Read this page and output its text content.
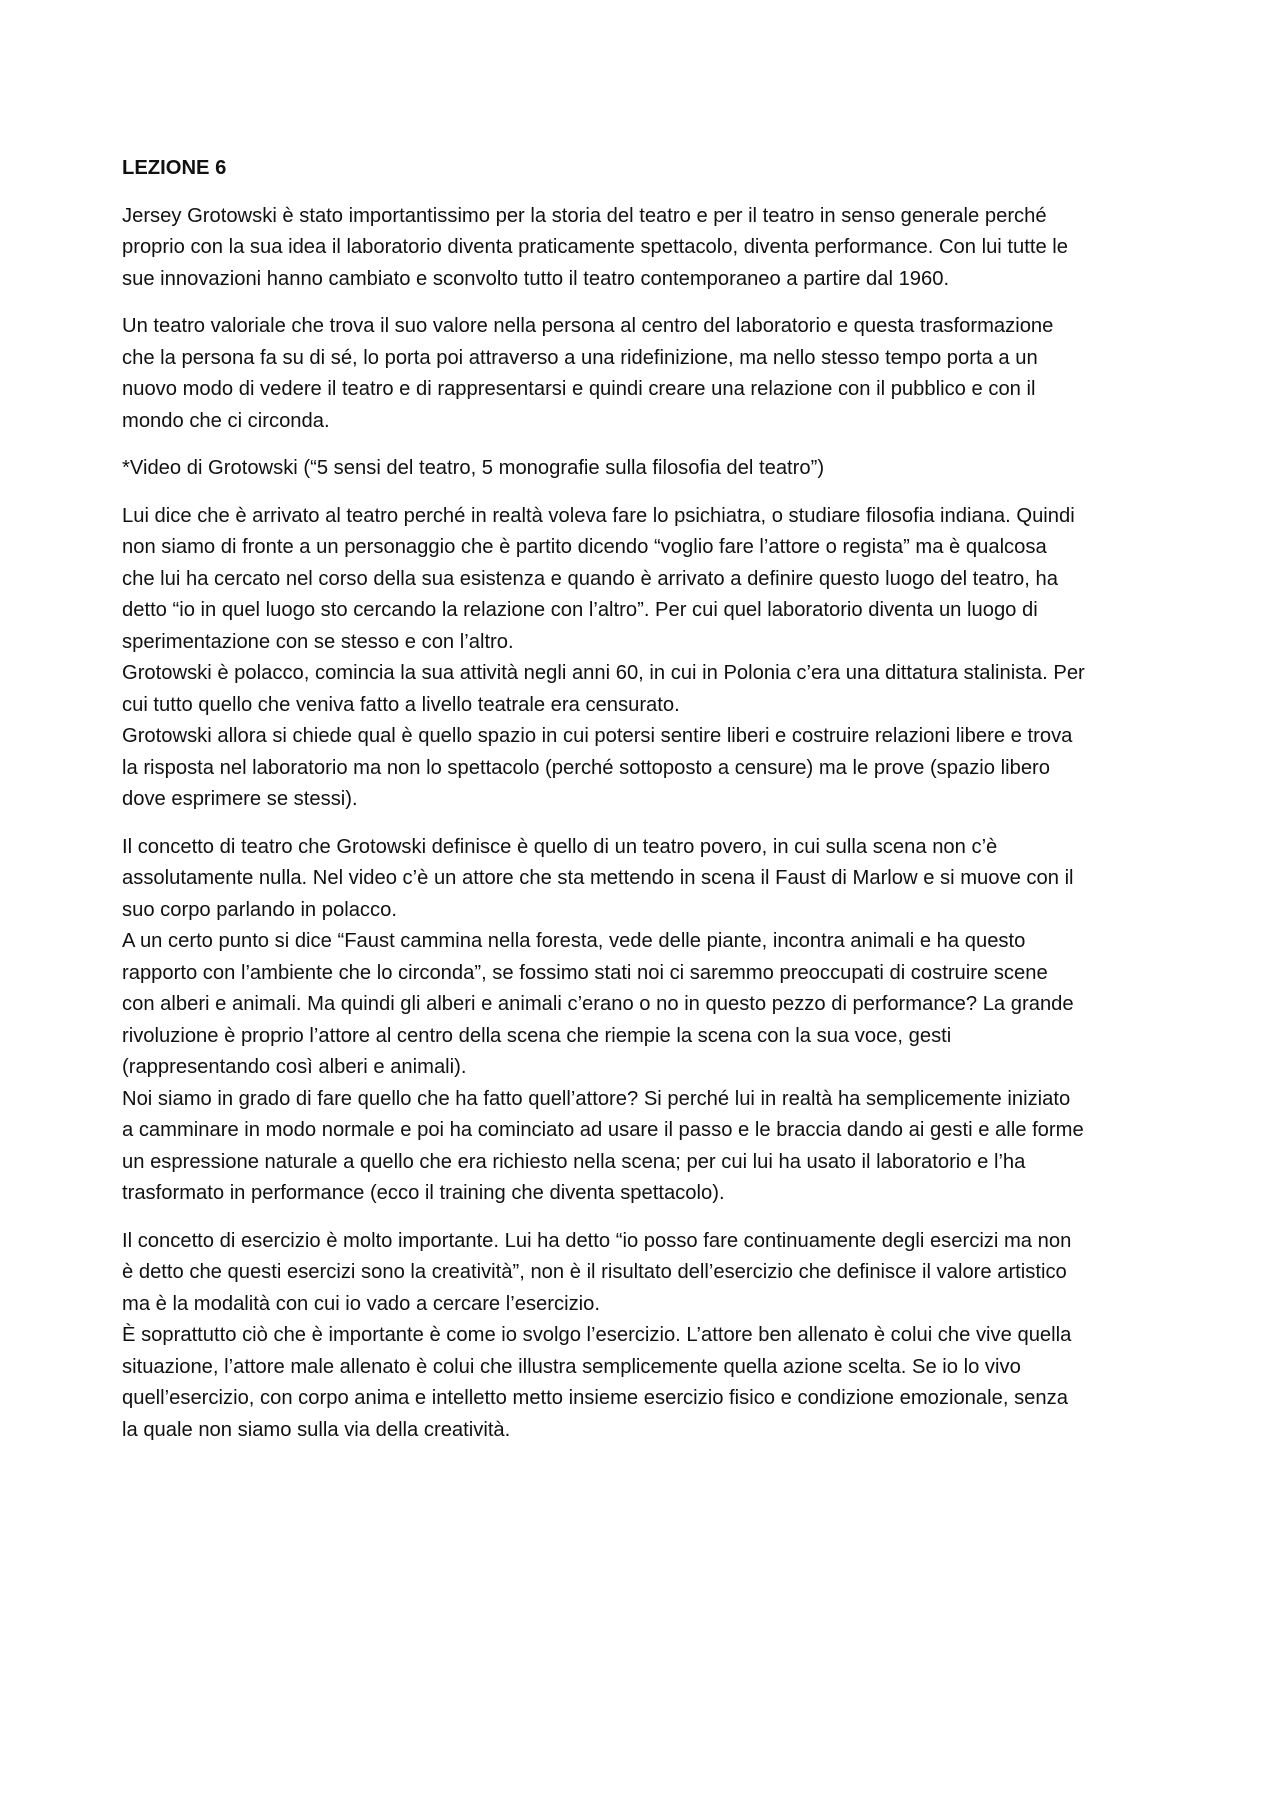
LEZIONE 6
Jersey Grotowski è stato importantissimo per la storia del teatro e per il teatro in senso generale perché
proprio con la sua idea il laboratorio diventa praticamente spettacolo, diventa performance. Con lui tutte le
sue innovazioni hanno cambiato e sconvolto tutto il teatro contemporaneo a partire dal 1960.
Un teatro valoriale che trova il suo valore nella persona al centro del laboratorio e questa trasformazione
che la persona fa su di sé, lo porta poi attraverso a una ridefinizione, ma nello stesso tempo porta a un
nuovo modo di vedere il teatro e di rappresentarsi e quindi creare una relazione con il pubblico e con il
mondo che ci circonda.
*Video di Grotowski (“5 sensi del teatro, 5 monografie sulla filosofia del teatro”)
Lui dice che è arrivato al teatro perché in realtà voleva fare lo psichiatra, o studiare filosofia indiana. Quindi
non siamo di fronte a un personaggio che è partito dicendo “voglio fare l’attore o regista” ma è qualcosa
che lui ha cercato nel corso della sua esistenza e quando è arrivato a definire questo luogo del teatro, ha
detto “io in quel luogo sto cercando la relazione con l’altro”. Per cui quel laboratorio diventa un luogo di
sperimentazione con se stesso e con l’altro.
Grotowski è polacco, comincia la sua attività negli anni 60, in cui in Polonia c’era una dittatura stalinista. Per
cui tutto quello che veniva fatto a livello teatrale era censurato.
Grotowski allora si chiede qual è quello spazio in cui potersi sentire liberi e costruire relazioni libere e trova
la risposta nel laboratorio ma non lo spettacolo (perché sottoposto a censure) ma le prove (spazio libero
dove esprimere se stessi).
Il concetto di teatro che Grotowski definisce è quello di un teatro povero, in cui sulla scena non c’è
assolutamente nulla. Nel video c’è un attore che sta mettendo in scena il Faust di Marlow e si muove con il
suo corpo parlando in polacco.
A un certo punto si dice “Faust cammina nella foresta, vede delle piante, incontra animali e ha questo
rapporto con l’ambiente che lo circonda”, se fossimo stati noi ci saremmo preoccupati di costruire scene
con alberi e animali. Ma quindi gli alberi e animali c’erano o no in questo pezzo di performance? La grande
rivoluzione è proprio l’attore al centro della scena che riempie la scena con la sua voce, gesti
(rappresentando così alberi e animali).
Noi siamo in grado di fare quello che ha fatto quell’attore? Si perché lui in realtà ha semplicemente iniziato
a camminare in modo normale e poi ha cominciato ad usare il passo e le braccia dando ai gesti e alle forme
un espressione naturale a quello che era richiesto nella scena; per cui lui ha usato il laboratorio e l’ha
trasformato in performance (ecco il training che diventa spettacolo).
Il concetto di esercizio è molto importante. Lui ha detto “io posso fare continuamente degli esercizi ma non
è detto che questi esercizi sono la creatività”, non è il risultato dell’esercizio che definisce il valore artistico
ma è la modalità con cui io vado a cercare l’esercizio.
È soprattutto ciò che è importante è come io svolgo l’esercizio. L’attore ben allenato è colui che vive quella
situazione, l’attore male allenato è colui che illustra semplicemente quella azione scelta. Se io lo vivo
quell’esercizio, con corpo anima e intelletto metto insieme esercizio fisico e condizione emozionale, senza
la quale non siamo sulla via della creatività.
